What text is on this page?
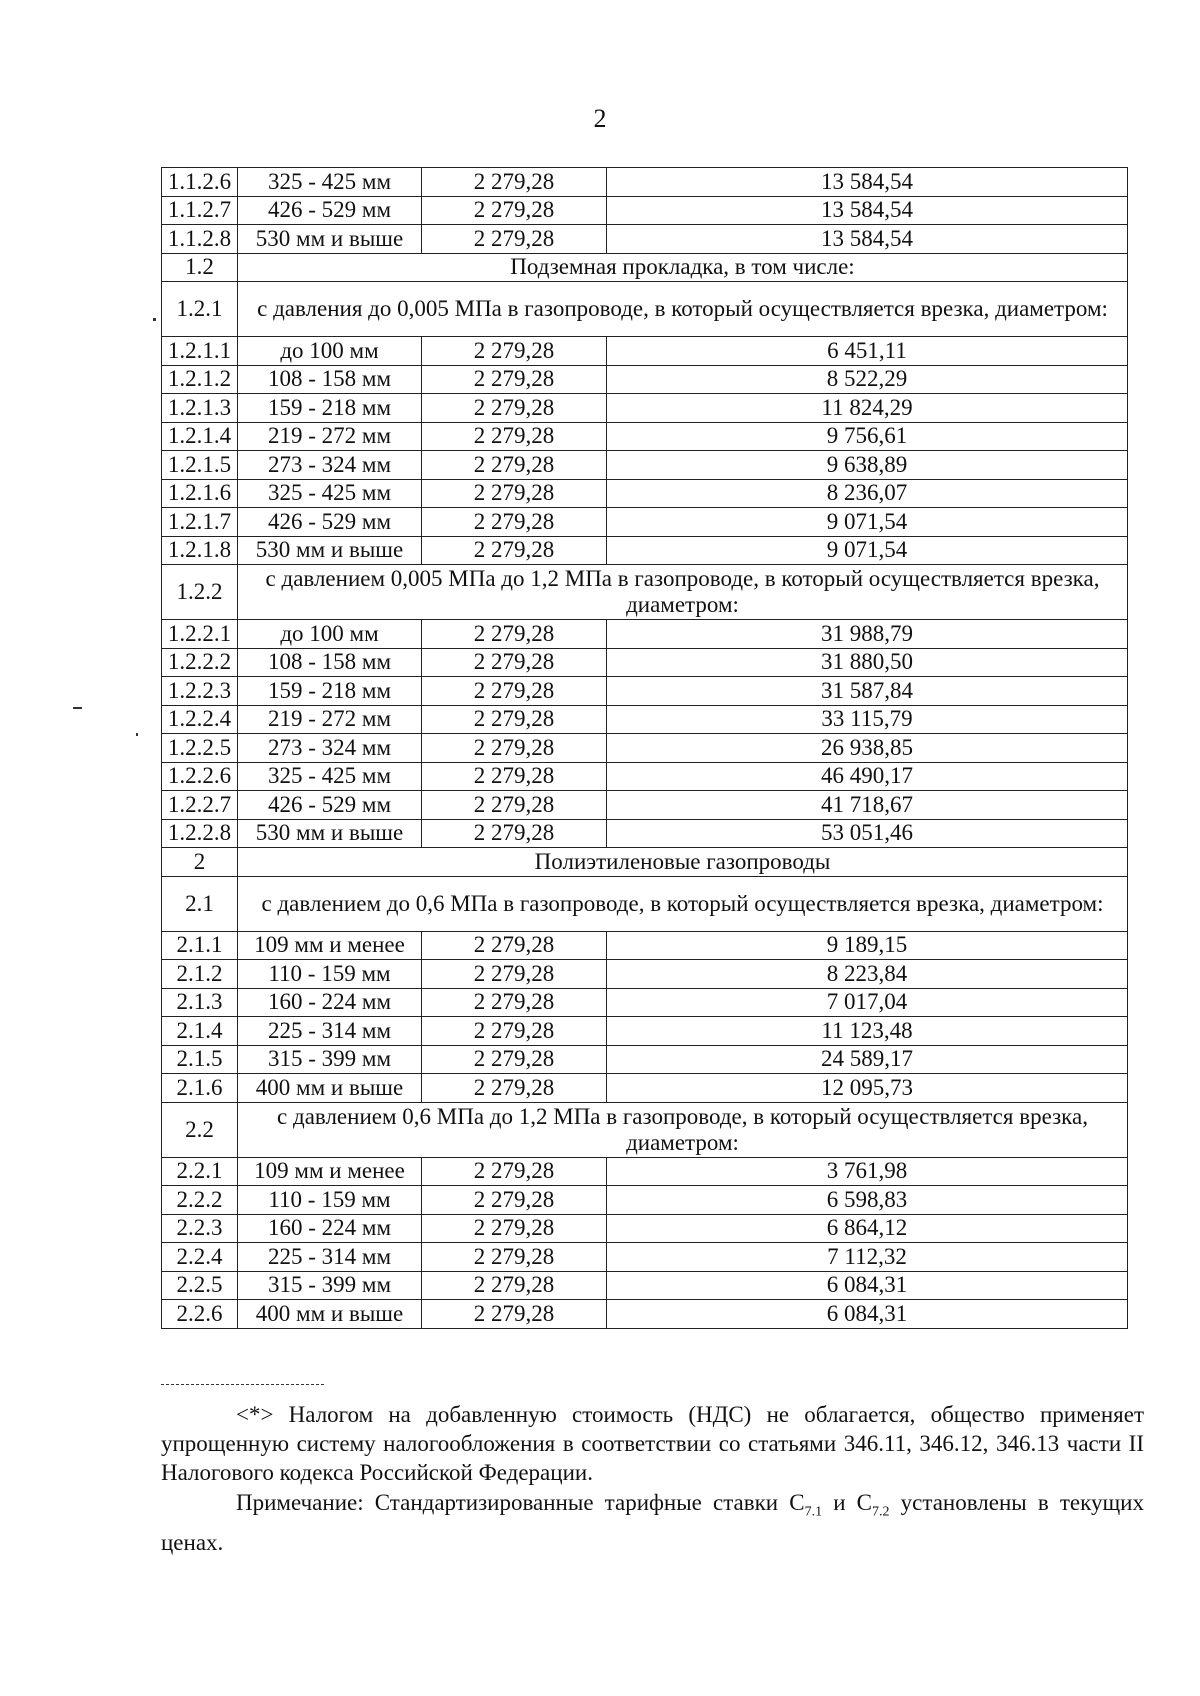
2
1.1.2.6	325 - 425 мм	2 279,28	13 584,54
1.1.2.7	426 - 529 мм	2 279,28	13 584,54
1.1.2.8	530 мм и выше	2 279,28	13 584,54
1.2	Подземная прокладка, в том числе:		
1.2.1	с давления до 0,005 МПа в газопроводе, в который осуществляется врезка, диаметром:		
1.2.1.1	до 100 мм	2 279,28	6 451,11
1.2.1.2	108 - 158 мм	2 279,28	8 522,29
1.2.1.3	159 - 218 мм	2 279,28	11 824,29
1.2.1.4	219 - 272 мм	2 279,28	9 756,61
1.2.1.5	273 - 324 мм	2 279,28	9 638,89
1.2.1.6	325 - 425 мм	2 279,28	8 236,07
1.2.1.7	426 - 529 мм	2 279,28	9 071,54
1.2.1.8	530 мм и выше	2 279,28	9 071,54
1.2.2	с давлением 0,005 МПа до 1,2 МПа в газопроводе, в который осуществляется врезка, диаметром:		
1.2.2.1	до 100 мм	2 279,28	31 988,79
1.2.2.2	108 - 158 мм	2 279,28	31 880,50
1.2.2.3	159 - 218 мм	2 279,28	31 587,84
1.2.2.4	219 - 272 мм	2 279,28	33 115,79
1.2.2.5	273 - 324 мм	2 279,28	26 938,85
1.2.2.6	325 - 425 мм	2 279,28	46 490,17
1.2.2.7	426 - 529 мм	2 279,28	41 718,67
1.2.2.8	530 мм и выше	2 279,28	53 051,46
2	Полиэтиленовые газопроводы		
2.1	с давлением до 0,6 МПа в газопроводе, в который осуществляется врезка, диаметром:		
2.1.1	109 мм и менее	2 279,28	9 189,15
2.1.2	110 - 159 мм	2 279,28	8 223,84
2.1.3	160 - 224 мм	2 279,28	7 017,04
2.1.4	225 - 314 мм	2 279,28	11 123,48
2.1.5	315 - 399 мм	2 279,28	24 589,17
2.1.6	400 мм и выше	2 279,28	12 095,73
2.2	с давлением 0,6 МПа до 1,2 МПа в газопроводе, в который осуществляется врезка, диаметром:		
2.2.1	109 мм и менее	2 279,28	3 761,98
2.2.2	110 - 159 мм	2 279,28	6 598,83
2.2.3	160 - 224 мм	2 279,28	6 864,12
2.2.4	225 - 314 мм	2 279,28	7 112,32
2.2.5	315 - 399 мм	2 279,28	6 084,31
2.2.6	400 мм и выше	2 279,28	6 084,31

<*> Налогом на добавленную стоимость (НДС) не облагается, общество применяет упрощенную систему налогообложения в соответствии со статьями 346.11, 346.12, 346.13 части II Налогового кодекса Российской Федерации.

Примечание: Стандартизированные тарифные ставки $C_{7.1}$ и $C_{7.2}$ установлены в текущих ценах.
